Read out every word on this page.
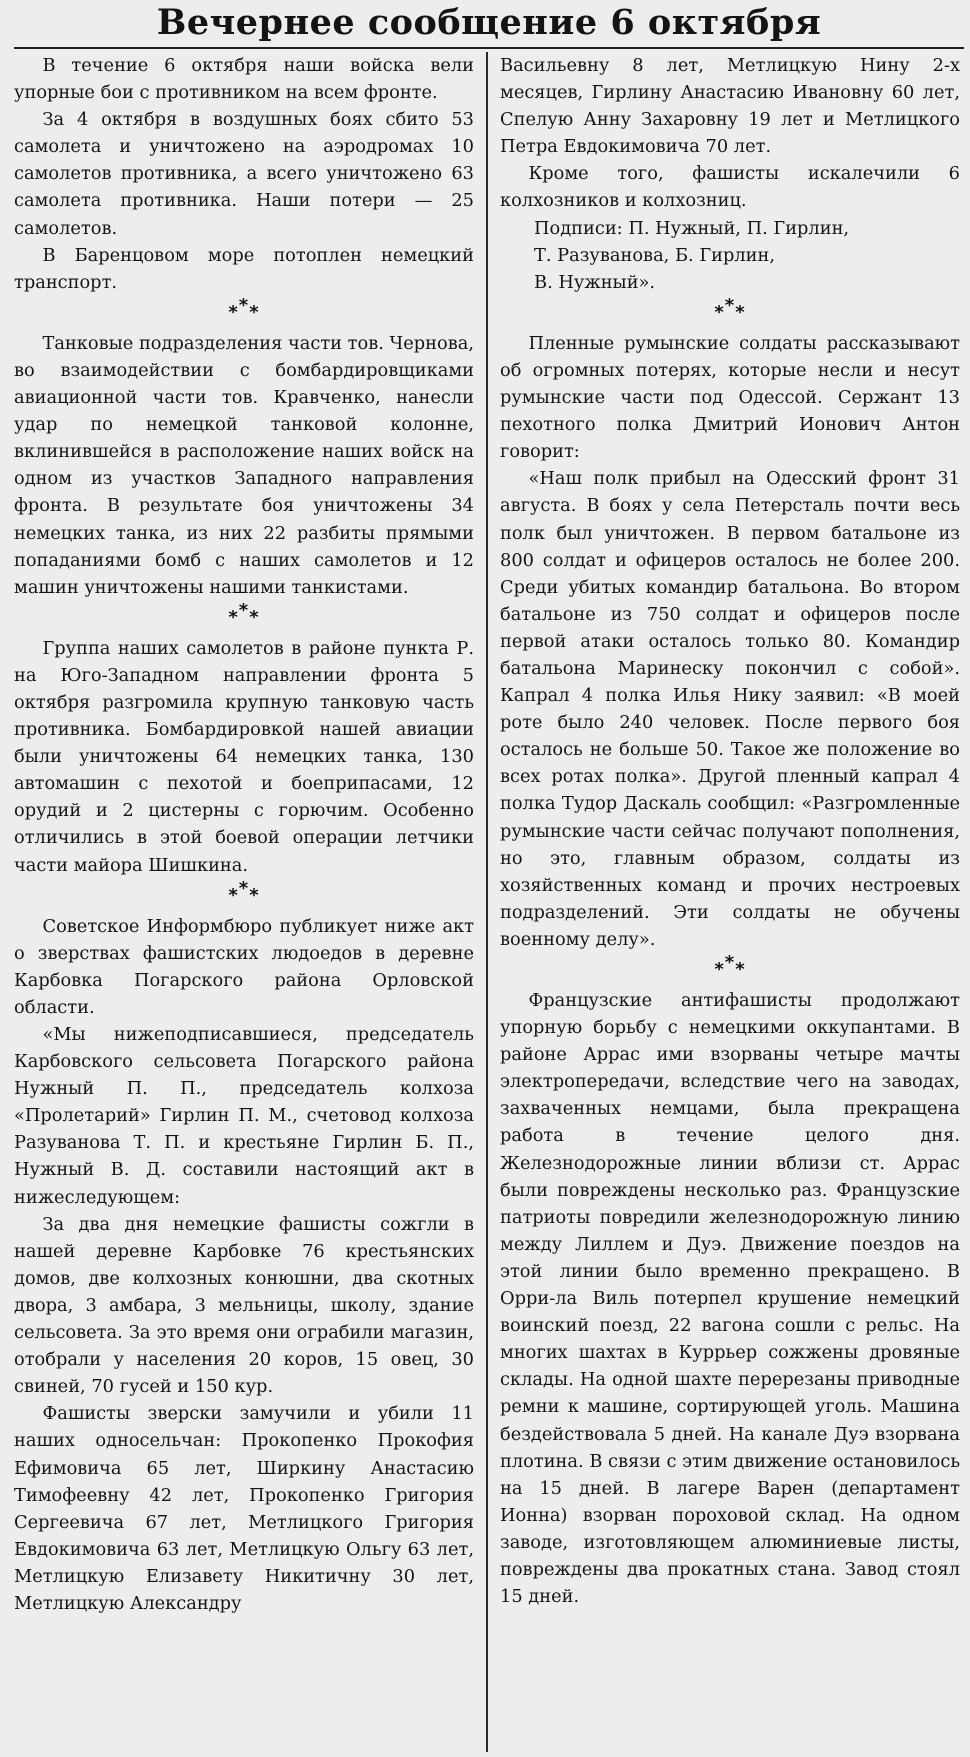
Вечернее сообщение 6 октября

В течение 6 октября наши войска вели упорные бои с противником на всем фронте.

За 4 октября в воздушных боях сбито 53 самолета и уничтожено на аэродромах 10 самолетов противника, а всего уничтожено 63 самолета противника. Наши потери — 25 самолетов.

В Баренцовом море потоплен немецкий транспорт.

***

Танковые подразделения части тов. Чернова, во взаимодействии с бомбардировщиками авиационной части тов. Кравченко, нанесли удар по немецкой танковой колонне, вклинившейся в расположение наших войск на одном из участков Западного направления фронта. В результате боя уничтожены 34 немецких танка, из них 22 разбиты прямыми попаданиями бомб с наших самолетов и 12 машин уничтожены нашими танкистами.

***

Группа наших самолетов в районе пункта Р. на Юго-Западном направлении фронта 5 октября разгромила крупную танковую часть противника. Бомбардировкой нашей авиации были уничтожены 64 немецких танка, 130 автомашин с пехотой и боеприпасами, 12 орудий и 2 цистерны с горючим. Особенно отличились в этой боевой операции летчики части майора Шишкина.

***

Советское Информбюро публикует ниже акт о зверствах фашистских людоедов в деревне Карбовка Погарского района Орловской области.

«Мы нижеподписавшиеся, председатель Карбовского сельсовета Погарского района Нужный П. П., председатель колхоза «Пролетарий» Гирлин П. М., счетовод колхоза Разуванова Т. П. и крестьяне Гирлин Б. П., Нужный В. Д. составили настоящий акт в нижеследующем:

За два дня немецкие фашисты сожгли в нашей деревне Карбовке 76 крестьянских домов, две колхозных конюшни, два скотных двора, 3 амбара, 3 мельницы, школу, здание сельсовета. За это время они ограбили магазин, отобрали у населения 20 коров, 15 овец, 30 свиней, 70 гусей и 150 кур.

Фашисты зверски замучили и убили 11 наших односельчан: Прокопенко Прокофия Ефимовича 65 лет, Ширкину Анастасию Тимофеевну 42 лет, Прокопенко Григория Сергеевича 67 лет, Метлицкого Григория Евдокимовича 63 лет, Метлицкую Ольгу 63 лет, Метлицкую Елизавету Никитичну 30 лет, Метлицкую Александру

Васильевну 8 лет, Метлицкую Нину 2-х месяцев, Гирлину Анастасию Ивановну 60 лет, Спелую Анну Захаровну 19 лет и Метлицкого Петра Евдокимовича 70 лет.

Кроме того, фашисты искалечили 6 колхозников и колхозниц.

Подписи: П. Нужный, П. Гирлин,
Т. Разуванова, Б. Гирлин,
В. Нужный».

***

Пленные румынские солдаты рассказывают об огромных потерях, которые несли и несут румынские части под Одессой. Сержант 13 пехотного полка Дмитрий Ионович Антон говорит:

«Наш полк прибыл на Одесский фронт 31 августа. В боях у села Петерсталь почти весь полк был уничтожен. В первом батальоне из 800 солдат и офицеров осталось не более 200. Среди убитых командир батальона. Во втором батальоне из 750 солдат и офицеров после первой атаки осталось только 80. Командир батальона Маринеску покончил с собой». Капрал 4 полка Илья Нику заявил: «В моей роте было 240 человек. После первого боя осталось не больше 50. Такое же положение во всех ротах полка». Другой пленный капрал 4 полка Тудор Даскаль сообщил: «Разгромленные румынские части сейчас получают пополнения, но это, главным образом, солдаты из хозяйственных команд и прочих нестроевых подразделений. Эти солдаты не обучены военному делу».

***

Французские антифашисты продолжают упорную борьбу с немецкими оккупантами. В районе Аррас ими взорваны четыре мачты электропередачи, вследствие чего на заводах, захваченных немцами, была прекращена работа в течение целого дня. Железнодорожные линии вблизи ст. Аррас были повреждены несколько раз. Французские патриоты повредили железнодорожную линию между Лиллем и Дуэ. Движение поездов на этой линии было временно прекращено. В Орри-ла Виль потерпел крушение немецкий воинский поезд, 22 вагона сошли с рельс. На многих шахтах в Куррьер сожжены дровяные склады. На одной шахте перерезаны приводные ремни к машине, сортирующей уголь. Машина бездействовала 5 дней. На канале Дуэ взорвана плотина. В связи с этим движение остановилось на 15 дней. В лагере Варен (департамент Ионна) взорван пороховой склад. На одном заводе, изготовляющем алюминиевые листы, повреждены два прокатных стана. Завод стоял 15 дней.
